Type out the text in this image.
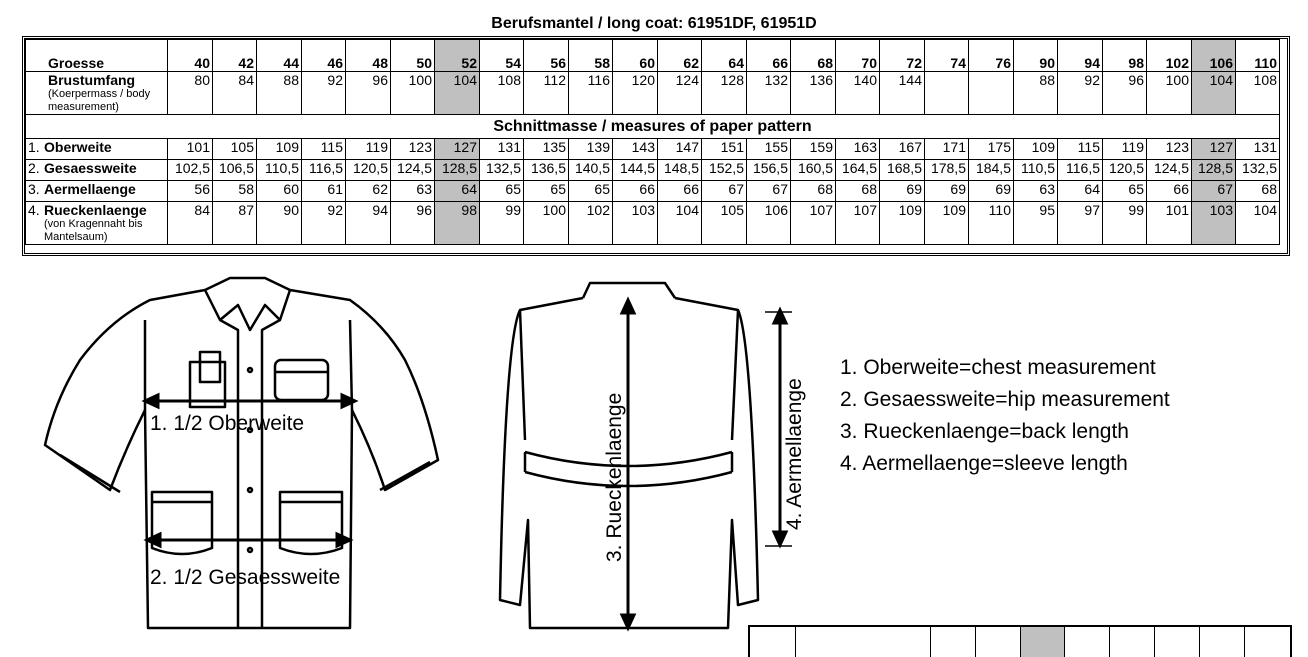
Berufsmantel / long coat: 61951DF, 61951D
Groesse	40	42	44	46	48	50	52	54	56	58	60	62	64	66	68	70	72	74	76	90	94	98	102	106	110
Brustumfang
(Koerpermass / body measurement)	80	84	88	92	96	100	104	108	112	116	120	124	128	132	136	140	144			88	92	96	100	104	108
Schnittmasse / measures of paper pattern																									
1. Oberweite	101	105	109	115	119	123	127	131	135	139	143	147	151	155	159	163	167	171	175	109	115	119	123	127	131
2. Gesaessweite	102,5	106,5	110,5	116,5	120,5	124,5	128,5	132,5	136,5	140,5	144,5	148,5	152,5	156,5	160,5	164,5	168,5	178,5	184,5	110,5	116,5	120,5	124,5	128,5	132,5
3. Aermellaenge	56	58	60	61	62	63	64	65	65	65	66	66	67	67	68	68	69	69	69	63	64	65	66	67	68
4. Rueckenlaenge
(von Kragennaht bis Mantelsaum)	84	87	90	92	94	96	98	99	100	102	103	104	105	106	107	107	109	109	110	95	97	99	101	103	104
1. 1/2 Oberweite
2. 1/2 Gesaessweite
3. Rueckenlaenge	4. Aermellaenge
1. Oberweite=chest measurement
2. Gesaessweite=hip measurement
3. Rueckenlaenge=back length
4. Aermellaenge=sleeve length
